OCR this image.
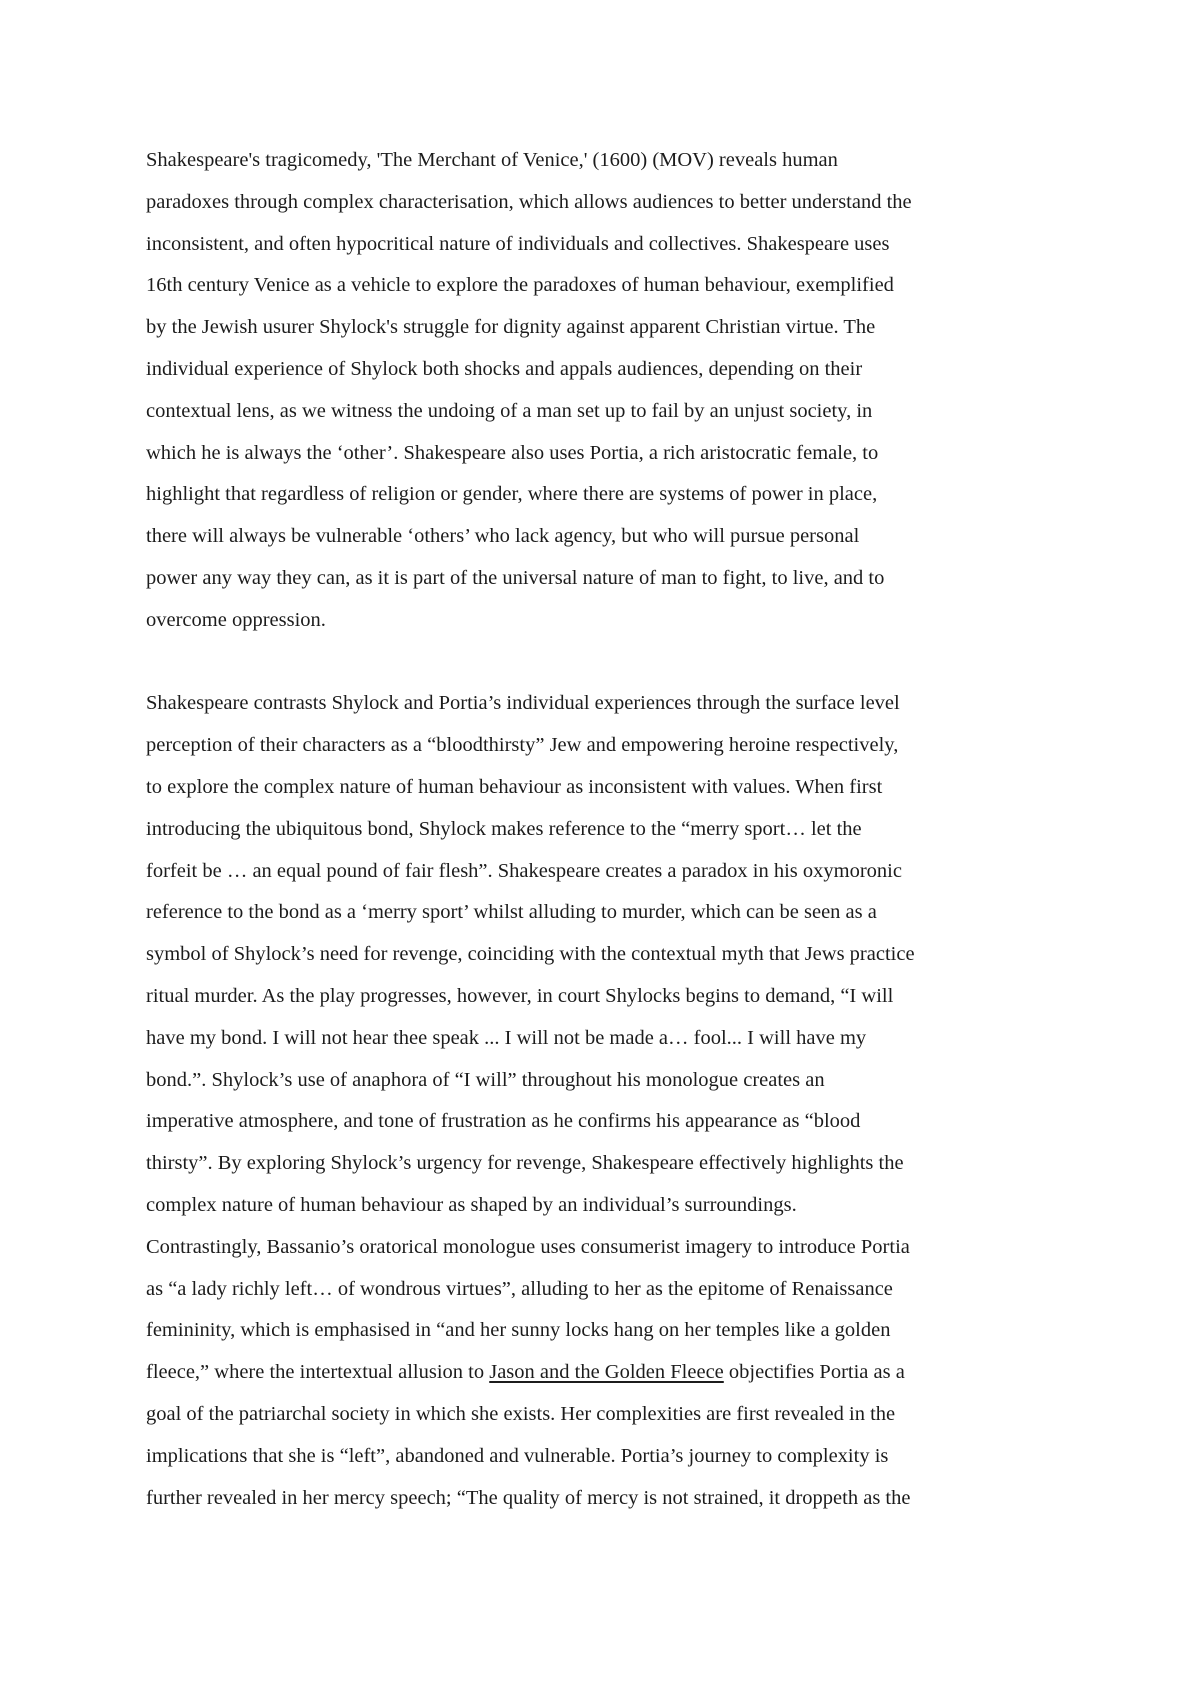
Shakespeare's tragicomedy, 'The Merchant of Venice,' (1600) (MOV) reveals human
paradoxes through complex characterisation, which allows audiences to better understand the
inconsistent, and often hypocritical nature of individuals and collectives. Shakespeare uses
16th century Venice as a vehicle to explore the paradoxes of human behaviour, exemplified
by the Jewish usurer Shylock's struggle for dignity against apparent Christian virtue. The
individual experience of Shylock both shocks and appals audiences, depending on their
contextual lens, as we witness the undoing of a man set up to fail by an unjust society, in
which he is always the ‘other’. Shakespeare also uses Portia, a rich aristocratic female, to
highlight that regardless of religion or gender, where there are systems of power in place,
there will always be vulnerable ‘others’ who lack agency, but who will pursue personal
power any way they can, as it is part of the universal nature of man to fight, to live, and to
overcome oppression.
Shakespeare contrasts Shylock and Portia’s individual experiences through the surface level
perception of their characters as a “bloodthirsty” Jew and empowering heroine respectively,
to explore the complex nature of human behaviour as inconsistent with values. When first
introducing the ubiquitous bond, Shylock makes reference to the “merry sport… let the
forfeit be … an equal pound of fair flesh”. Shakespeare creates a paradox in his oxymoronic
reference to the bond as a ‘merry sport’ whilst alluding to murder, which can be seen as a
symbol of Shylock’s need for revenge, coinciding with the contextual myth that Jews practice
ritual murder. As the play progresses, however, in court Shylocks begins to demand, “I will
have my bond. I will not hear thee speak ... I will not be made a… fool... I will have my
bond.”. Shylock’s use of anaphora of “I will” throughout his monologue creates an
imperative atmosphere, and tone of frustration as he confirms his appearance as “blood
thirsty”. By exploring Shylock’s urgency for revenge, Shakespeare effectively highlights the
complex nature of human behaviour as shaped by an individual’s surroundings.
Contrastingly, Bassanio’s oratorical monologue uses consumerist imagery to introduce Portia
as “a lady richly left… of wondrous virtues”, alluding to her as the epitome of Renaissance
femininity, which is emphasised in “and her sunny locks hang on her temples like a golden
fleece,” where the intertextual allusion to Jason and the Golden Fleece objectifies Portia as a
goal of the patriarchal society in which she exists. Her complexities are first revealed in the
implications that she is “left”, abandoned and vulnerable. Portia’s journey to complexity is
further revealed in her mercy speech; “The quality of mercy is not strained, it droppeth as the
